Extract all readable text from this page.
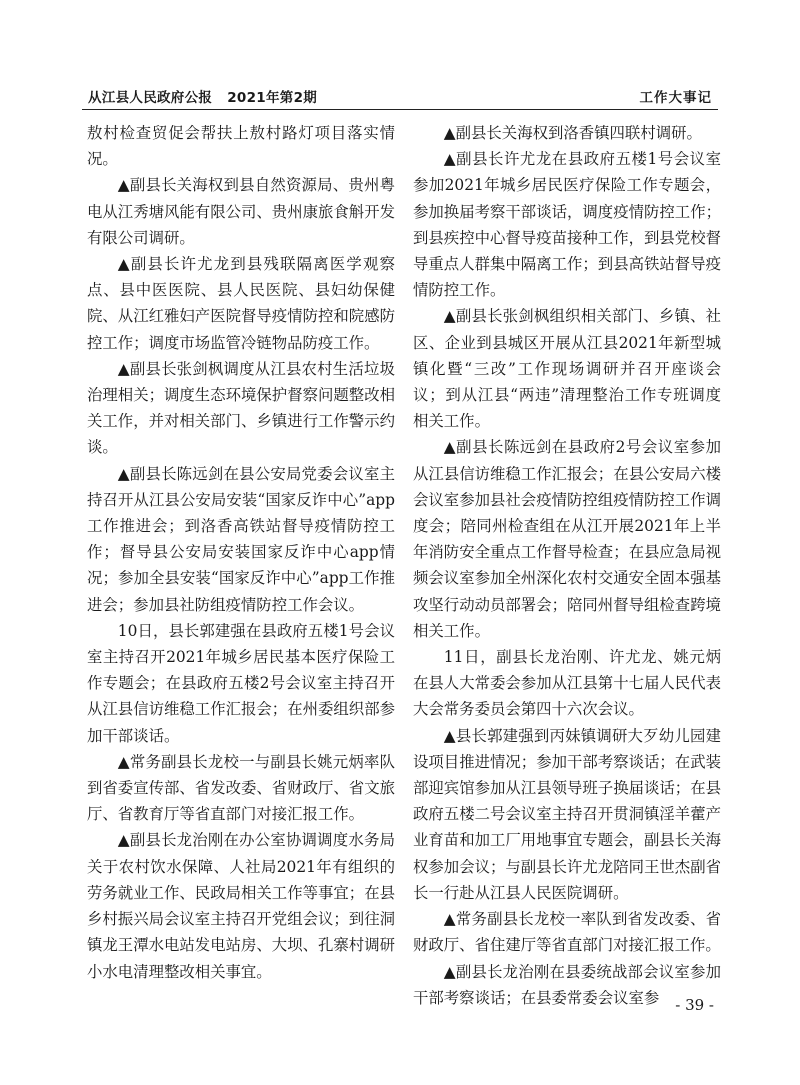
从江县人民政府公报   2021年第2期	工作大事记

敖村检查贸促会帮扶上敖村路灯项目落实情况。

▲副县长关海权到县自然资源局、贵州粤电从江秀塘风能有限公司、贵州康旅食斛开发有限公司调研。

▲副县长许尤龙到县残联隔离医学观察点、县中医医院、县人民医院、县妇幼保健院、从江红雅妇产医院督导疫情防控和院感防控工作；调度市场监管冷链物品防疫工作。

▲副县长张剑枫调度从江县农村生活垃圾治理相关；调度生态环境保护督察问题整改相关工作，并对相关部门、乡镇进行工作警示约谈。

▲副县长陈远剑在县公安局党委会议室主持召开从江县公安局安装“国家反诈中心”app工作推进会；到洛香高铁站督导疫情防控工作；督导县公安局安装国家反诈中心app情况；参加全县安装“国家反诈中心”app工作推进会；参加县社防组疫情防控工作会议。

10日，县长郭建强在县政府五楼1号会议室主持召开2021年城乡居民基本医疗保险工作专题会；在县政府五楼2号会议室主持召开从江县信访维稳工作汇报会；在州委组织部参加干部谈话。

▲常务副县长龙校一与副县长姚元炳率队到省委宣传部、省发改委、省财政厅、省文旅厅、省教育厅等省直部门对接汇报工作。

▲副县长龙治刚在办公室协调调度水务局关于农村饮水保障、人社局2021年有组织的劳务就业工作、民政局相关工作等事宜；在县乡村振兴局会议室主持召开党组会议；到往洞镇龙王潭水电站发电站房、大坝、孔寨村调研小水电清理整改相关事宜。

▲副县长关海权到洛香镇四联村调研。

▲副县长许尤龙在县政府五楼1号会议室参加2021年城乡居民医疗保险工作专题会，参加换届考察干部谈话，调度疫情防控工作；到县疾控中心督导疫苗接种工作，到县党校督导重点人群集中隔离工作；到县高铁站督导疫情防控工作。

▲副县长张剑枫组织相关部门、乡镇、社区、企业到县城区开展从江县2021年新型城镇化暨“三改”工作现场调研并召开座谈会议；到从江县“两违”清理整治工作专班调度相关工作。

▲副县长陈远剑在县政府2号会议室参加从江县信访维稳工作汇报会；在县公安局六楼会议室参加县社会疫情防控组疫情防控工作调度会；陪同州检查组在从江开展2021年上半年消防安全重点工作督导检查；在县应急局视频会议室参加全州深化农村交通安全固本强基攻坚行动动员部署会；陪同州督导组检查跨境相关工作。

11日，副县长龙治刚、许尤龙、姚元炳在县人大常委会参加从江县第十七届人民代表大会常务委员会第四十六次会议。

▲县长郭建强到丙妹镇调研大歹幼儿园建设项目推进情况；参加干部考察谈话；在武装部迎宾馆参加从江县领导班子换届谈话；在县政府五楼二号会议室主持召开贯洞镇淫羊藿产业育苗和加工厂用地事宜专题会，副县长关海权参加会议；与副县长许尤龙陪同王世杰副省长一行赴从江县人民医院调研。

▲常务副县长龙校一率队到省发改委、省财政厅、省住建厅等省直部门对接汇报工作。

▲副县长龙治刚在县委统战部会议室参加干部考察谈话；在县委常委会议室参	- 39 -
